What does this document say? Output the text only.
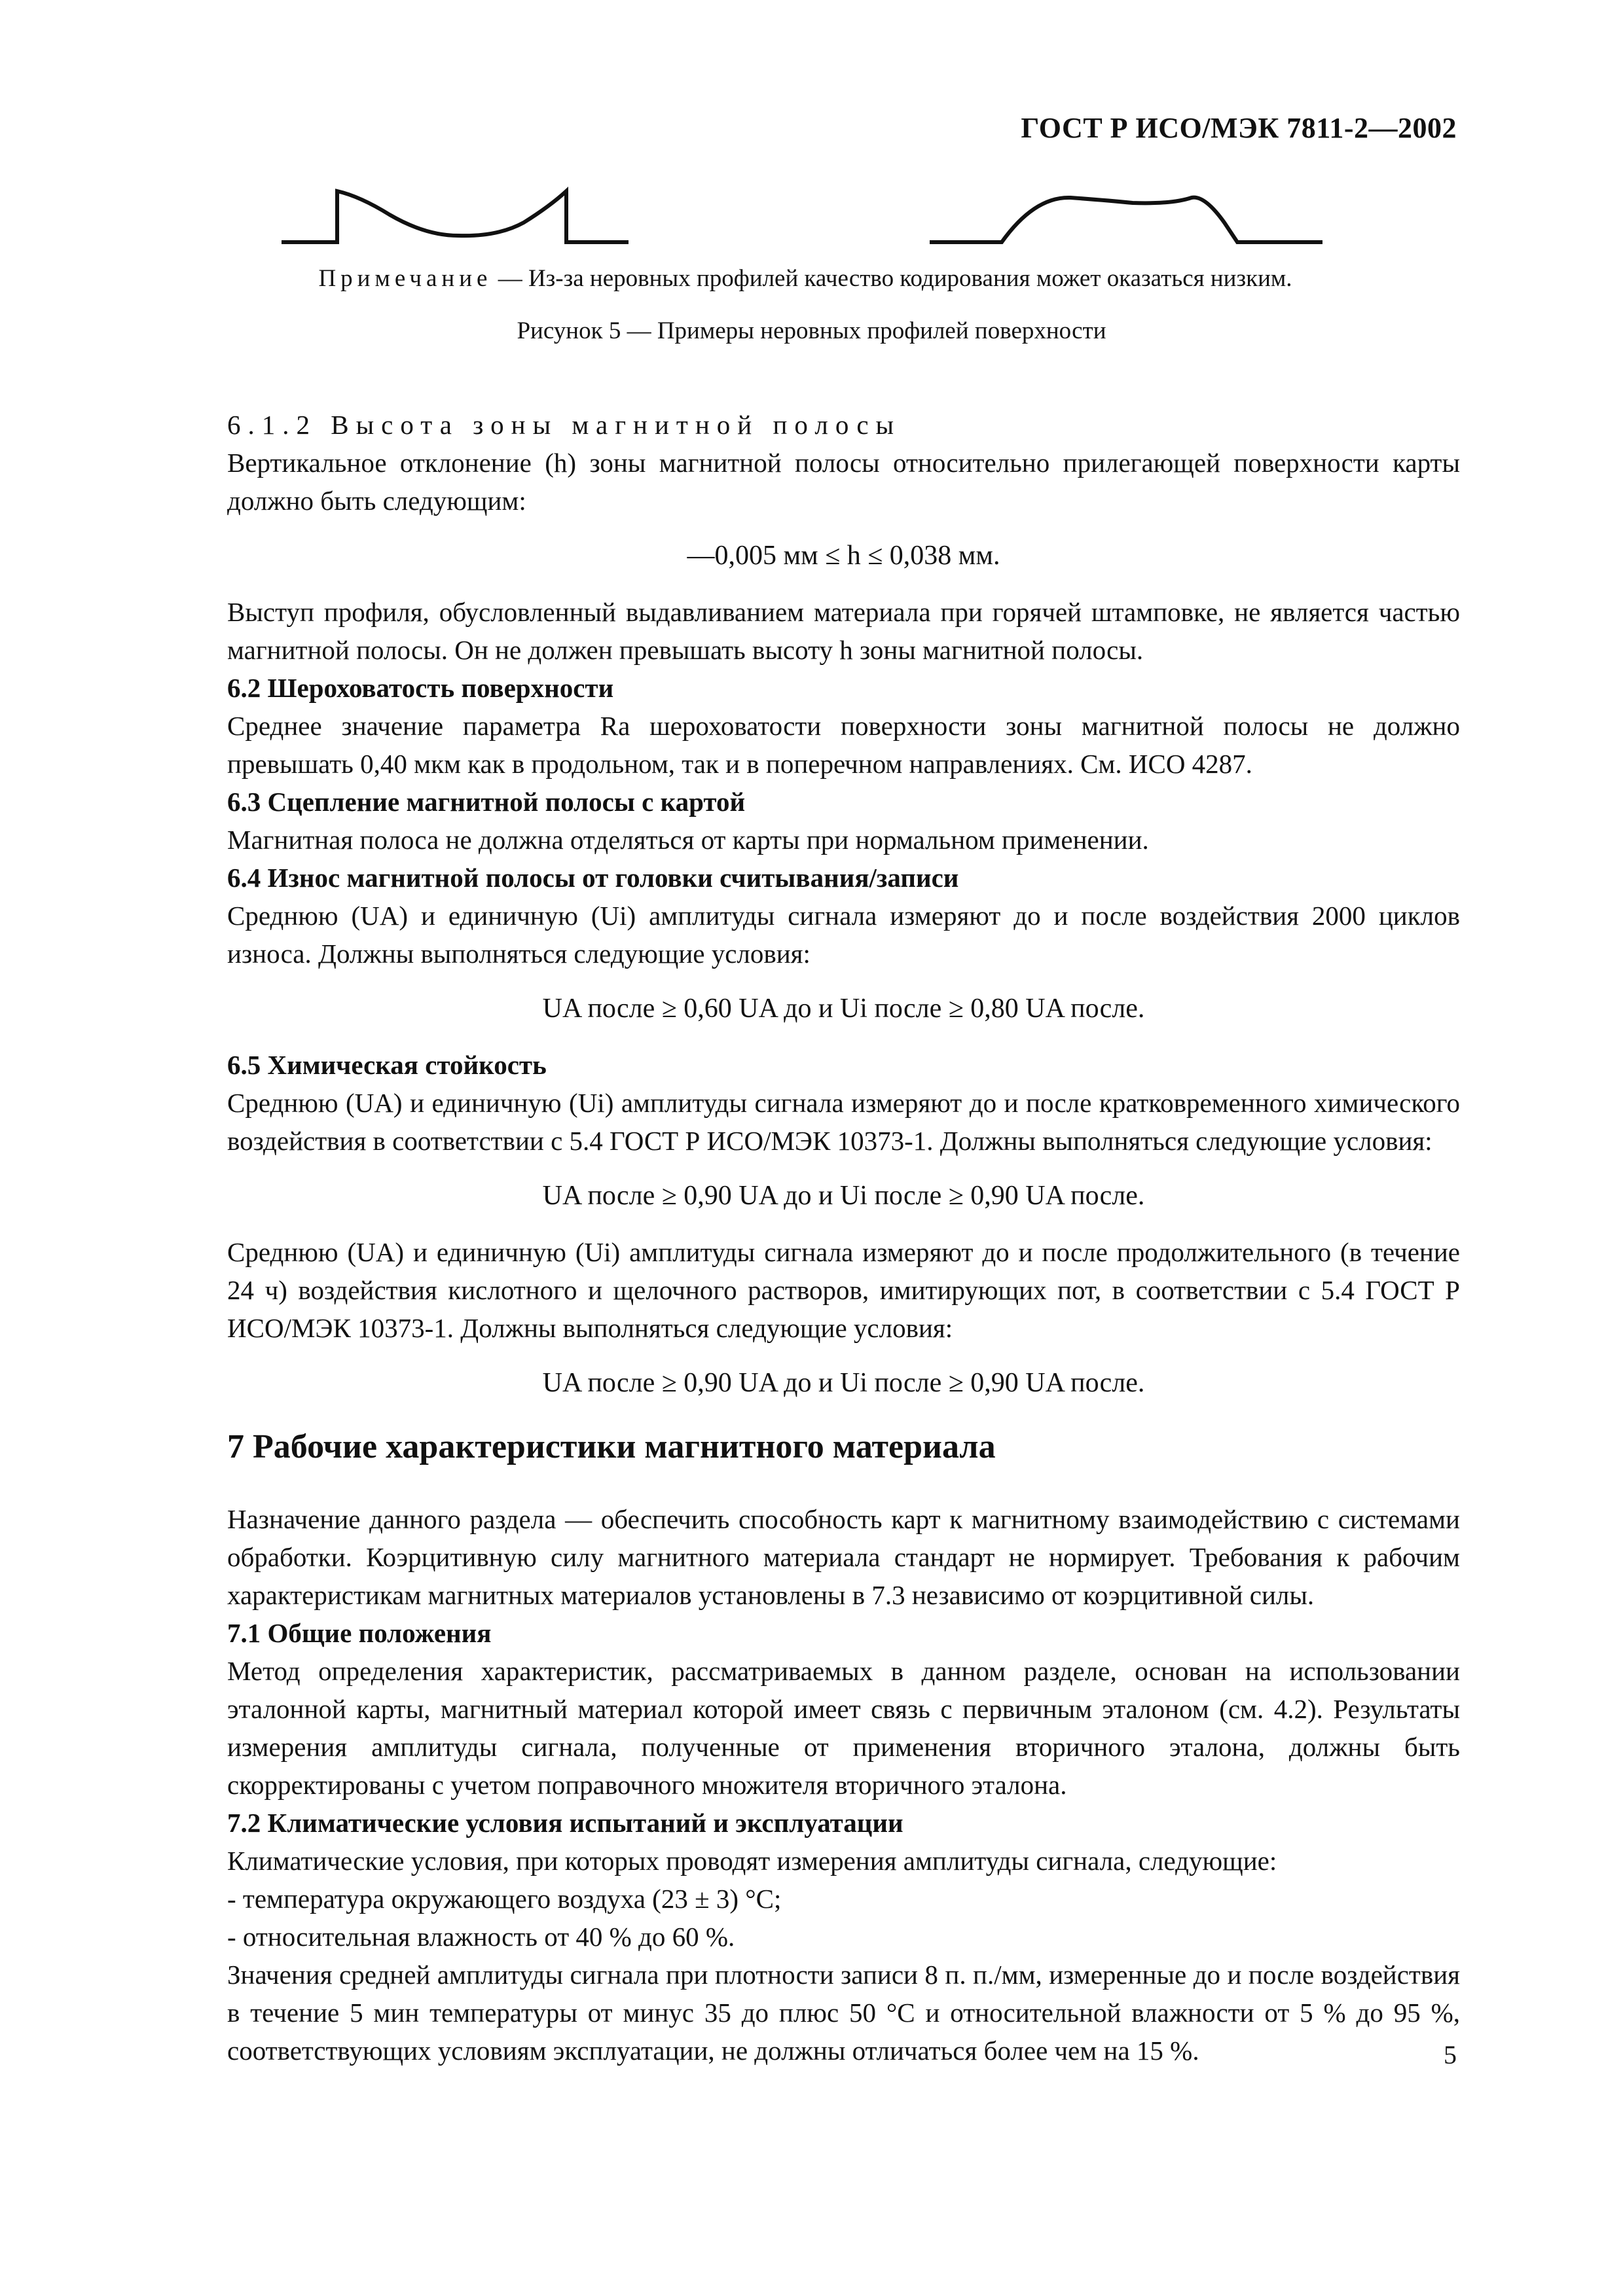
ГОСТ Р ИСО/МЭК 7811-2—2002
Примечание — Из-за неровных профилей качество кодирования может оказаться низким.
Рисунок 5 — Примеры неровных профилей поверхности

6.1.2 Высота зоны магнитной полосы

Вертикальное отклонение (h) зоны магнитной полосы относительно прилегающей поверхности карты должно быть следующим:

—0,005 мм ≤ h ≤ 0,038 мм.

Выступ профиля, обусловленный выдавливанием материала при горячей штамповке, не является частью магнитной полосы. Он не должен превышать высоту h зоны магнитной полосы.

6.2 Шероховатость поверхности

Среднее значение параметра Ra шероховатости поверхности зоны магнитной полосы не должно превышать 0,40 мкм как в продольном, так и в поперечном направлениях. См. ИСО 4287.

6.3 Сцепление магнитной полосы с картой

Магнитная полоса не должна отделяться от карты при нормальном применении.

6.4 Износ магнитной полосы от головки считывания/записи

Среднюю (UA) и единичную (Ui) амплитуды сигнала измеряют до и после воздействия 2000 циклов износа. Должны выполняться следующие условия:

UA после ≥ 0,60 UA до и Ui после ≥ 0,80 UA после.

6.5 Химическая стойкость

Среднюю (UA) и единичную (Ui) амплитуды сигнала измеряют до и после кратковременного химического воздействия в соответствии с 5.4 ГОСТ Р ИСО/МЭК 10373-1. Должны выполняться следующие условия:

UA после ≥ 0,90 UA до и Ui после ≥ 0,90 UA после.

Среднюю (UA) и единичную (Ui) амплитуды сигнала измеряют до и после продолжительного (в течение 24 ч) воздействия кислотного и щелочного растворов, имитирующих пот, в соответствии с 5.4 ГОСТ Р ИСО/МЭК 10373-1. Должны выполняться следующие условия:

UA после ≥ 0,90 UA до и Ui после ≥ 0,90 UA после.

7 Рабочие характеристики магнитного материала

Назначение данного раздела — обеспечить способность карт к магнитному взаимодействию с системами обработки. Коэрцитивную силу магнитного материала стандарт не нормирует. Требования к рабочим характеристикам магнитных материалов установлены в 7.3 независимо от коэрцитивной силы.

7.1 Общие положения

Метод определения характеристик, рассматриваемых в данном разделе, основан на использовании эталонной карты, магнитный материал которой имеет связь с первичным эталоном (см. 4.2). Результаты измерения амплитуды сигнала, полученные от применения вторичного эталона, должны быть скорректированы с учетом поправочного множителя вторичного эталона.

7.2 Климатические условия испытаний и эксплуатации

Климатические условия, при которых проводят измерения амплитуды сигнала, следующие:

- температура окружающего воздуха (23 ± 3) °С;

- относительная влажность от 40 % до 60 %.

Значения средней амплитуды сигнала при плотности записи 8 п. п./мм, измеренные до и после воздействия в течение 5 мин температуры от минус 35 до плюс 50 °С и относительной влажности от 5 % до 95 %, соответствующих условиям эксплуатации, не должны отличаться более чем на 15 %.	5
